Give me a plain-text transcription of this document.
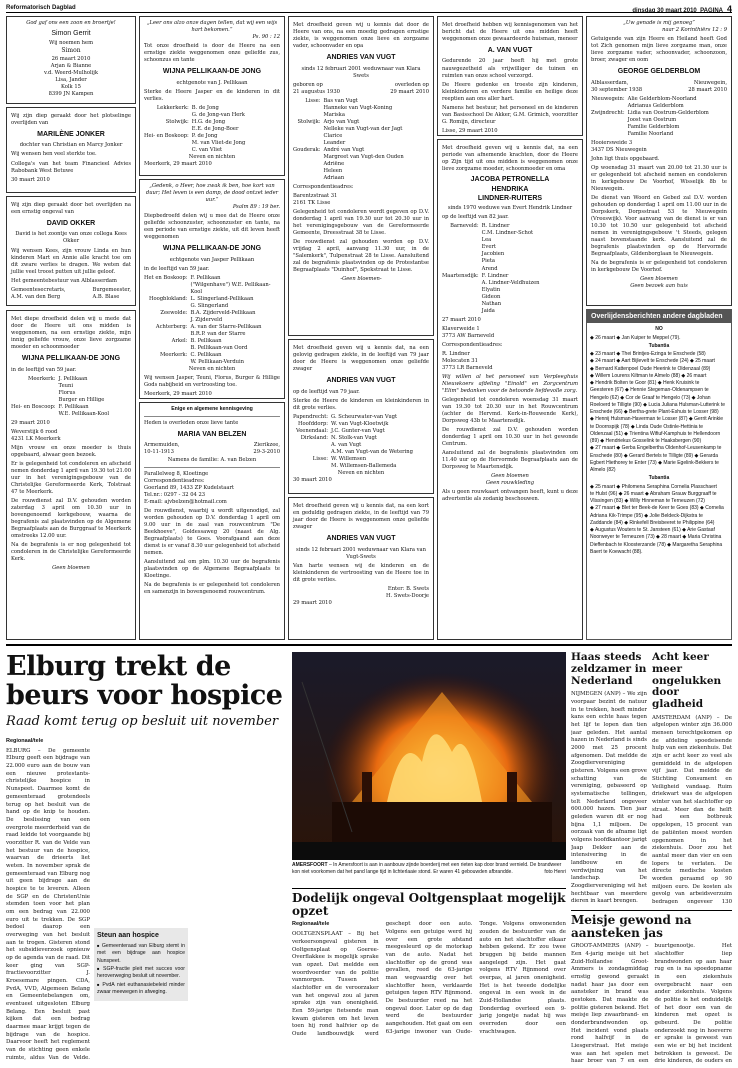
Reformatorisch Dagblad	dinsdag 30 maart 2010 PAGINA 4
God gaf ons een zoon en broertje!
Simon Gerrit
Wij noemen hem
Simon
26 maart 2010
Arjan & Bianne
v.d. Weerd-Mulholijk
Lisa, Jander
Kolk 15
8399 JN Kampen
Wij zijn diep geraakt door het plotselinge overlijden van
MARILÈNE JONKER
dochter van Christian en Marcy Jonker
Wij wensen hen veel sterkte toe.
Collega's van het team Financieel Advies Rabobank West Betuwe
30 maart 2010
Wij zijn diep geraakt door het overlijden na een ernstig ongeval van
DAVID OKKER
David is het zoontje van onze collega Kees Okker
Wij wensen Kees, zijn vrouw Linda en hun kinderen Mart en Annie alle kracht toe om dit zware verlies te dragen. We weten dat jullie veel troost putten uit jullie geloof.
Het gemeentebestuur van Alblasserdam
Gemeentesecretaris,
A.M. van den Berg
Burgemeester,
A.B. Blase
Met diepe droefheid delen wij u mede dat door de Heere uit ons midden is weggenomen, na een ernstige ziekte, mijn innig geliefde vrouw, onze lieve zorgzame moeder en schoonmoeder
WIJNA PELLIKAAN-DE JONG
in de leeftijd van 59 jaar.
Meerkerk: J. Pellikaan
Teuni
Florus
Burger en Hillige
Hei- en Boscoop: F. Pellikaan
W.E. Pellikaan-Kool
29 maart 2010
Weverstijk 6 rood
4231 LK Meerkerk
Mijn vrouw en onze moeder is thuis opgebaard, alwaar geen bezoek.
Er is gelegenheid tot condoleren en afscheid nemen donderdag 1 april van 19.30 tot 21.00 uur in het verenigingsgebouw van de Christelijke Gereformeerde Kerk, Tolstraat 47 te Meerkerk.
De rouwdienst zal D.V. gehouden worden zaterdag 3 april om 10.30 uur in bovengenoemd kerkgebouw, waarna de begrafenis zal plaatsvinden op de Algemene Begraafplaats aan de Burggraaf te Meerkerk omstreeks 12.00 uur.
Na de begrafenis is er nog gelegenheid tot condoleren in de Christelijke Gereformeerde Kerk.
Geen bloemen
„Leer ons alzo onze dagen tellen, dat wij een wijs hart bekomen.”
Ps. 90 : 12
Tot onze droefheid is door de Heere na een ernstige ziekte weggenomen onze geliefde zus, schoonzus en tante
WIJNA PELLIKAAN-DE JONG
echtgenote van J. Pellikaan
Sterke de Heere Jasper en de kinderen in dit verlies.
Lekkerkerk: B. de Jong
G. de Jong-van Herk
Stolwijk: H.G. de Jong
E.E. de Jong-Boer
Hei- en Boskoop: P. de Jong
M. van Vliet-de Jong
C. van Vliet
Neven en nichten
Meerkerk, 29 maart 2010
„Gedenk, o Heer, hoe zwak ik ben, hoe kort van duur; Het leven is een damp, de dood ontzet ieder uur.”
Psalm 89 : 19 ber.
Diepbedroefd delen wij u mee dat de Heere onze geliefde schoonzuster, schoonzuster en tante, na een periode van ernstige ziekte, uit dit leven heeft weggenomen
WIJNA PELLIKAAN-DE JONG
echtgenote van Jasper Pellikaan
in de leeftijd van 59 jaar.
Het en Boskoop: F. Pellikaan
("Wilgenhave") W.E. Pellikaan-Kool
Hoogblokland: L. Slingerland-Pellikaan
G. Slingerland
Zeewolde: B.A. Zijderveld-Pellikaan
J. Zijderveld
Achterberg: A. van der Starre-Pellikaan
B.R.P. van der Starre
Arkel: B. Pellikaan
B. Pellikaan-van Oord
Meerkerk: C. Pellikaan
W. Pellikaan-Verduin
Neven en nichten
Wij wensen Jasper, Teuni, Florus, Burger & Hillige Gods nabijheid en vertroosting toe.
Meerkerk, 29 maart 2010
Enige en algemene kennisgeving
Heden is overleden onze lieve tante
MARIA VAN BELZEN
Armemuiden,
10-11-1913
Zierikzee,
29-3-2010
Namens de familie: A. van Belzen
Parallelweg 8, Kloetinge
Correspondentieadres:
Goerland 89, 1433 ZP Kudelstaart
Tel.nr.: 0297 - 32 04 23
E-mail: ajvbelzen@hotmail.com
De rouwdienst, waarbij u wordt uitgenodigd, zal worden gehouden op D.V. donderdag 1 april om 9.00 uur in de zaal van rouwcentrum "De Beekhoeve", Goldessaweg 20 (naast de Alg. Begraafplaats) te Goes. Voorafgaand aan deze dienst is er vanaf 8.30 uur gelegenheid tot afscheid nemen.
Aansluitend zal om plm. 10.30 uur de begrafenis plaatsvinden op de Algemene Begraafplaats te Kloetinge.
Na de begrafenis is er gelegenheid tot condoleren en samenzijn in bovengenoemd rouwcentrum.
Met droefheid geven wij u kennis dat door de Heere van ons, na een moedig gedragen ernstige ziekte, is weggenomen onze lieve en zorgzame vader, schoonvader en opa
ANDRIES VAN VUGT
sinds 12 februari 2001 weduwnaar van Klara Swets
geboren op
21 augustus 1930
overleden op
29 maart 2010
Lisse: Bas van Vugt
Hanneke van Vugt-Koning
Mariska
Stolwijk: Arjo van Vugt
Nelleke van Vugt-van der Jagt
Clarice
Leander
Gouderak: André van Vugt
Margreet van Vugt-den Ouden
Adriëne
Heleen
Adriaan
Correspondentieadres:
Barentzstraat 31
2161 TK Lisse
Gelegenheid tot condoleren wordt gegeven op D.V. donderdag 1 april van 19.30 uur tot 20.30 uur in het verenigingsgebouw van de Gereformeerde Gemeente, Dreesstraat 38 te Lisse.
De rouwdienst zal gehouden worden op D.V. vrijdag 2 april, aanvang 11.30 uur, in de "Salemkerk", Tulpenstraat 28 te Lisse. Aansluitend zal de begrafenis plaatsvinden op de Protestantse Begraafplaats "Duinhof", Spekstraat te Lisse.
-Geen bloemen-
Met droefheid geven wij u kennis dat, na een gelovig gedragen ziekte, in de leeftijd van 79 jaar door de Heere is weggenomen onze geliefde zwager
ANDRIES VAN VUGT
op de leeftijd van 79 jaar.
Sterke de Heere de kinderen en kleinkinderen in dit grote verlies.
Papendrecht: G. Scheurwater-van Vugt
Hoofddorp: W. van Vugt-Kloetwijk
Veenendaal: J.C. Gunter-van Vugt
Dirksland: N. Stolk-van Vugt
A. van Vugt
A.M. van Vugt-van de Wetering
Lisse: W. Willemsen
M. Willemsen-Ballemeda
Neven en nichten
30 maart 2010
Met droefheid geven wij u kennis dat, na een kort en geduldig gedragen ziekte, in de leeftijd van 79 jaar door de Heere is weggenomen onze geliefde zwager
ANDRIES VAN VUGT
sinds 12 februari 2001 weduwnaar van Klara van Vugt-Swets
Van harte wensen wij de kinderen en de kleinkinderen de vertroosting van de Heere toe in dit grote verlies.
Enter: B. Swets
H. Swets-Doorje
29 maart 2010
Met droefheid hebben wij kennisgenomen van het bericht dat de Heere uit ons midden heeft weggenomen onze gewaardeerde huisman, meneer
A. VAN VUGT
Gedurende 20 jaar heeft hij met grote nauwgezetheid als vrijwilliger de tuinen en ruimten van onze school verzorgd.
De Heere gedenke en troeste zijn kinderen, kleinkinderen en verdere familie en heilige deze reeptien aan ons aller hart.
Namens het bestuur, het personeel en de kinderen van Basisschool De Akker, G.M. Grimich, voorzitter G. Romijn, directeur
Lisse, 29 maart 2010
Met droefheid geven wij u kennis dat, na een periode van afnemende krachten, door de Heere op Zijn tijd uit ons midden is weggenomen onze lieve zorgzame moeder, schoonmoeder en oma
JACOBA PETRONELLA
HENDRIKA
LINDNER-RUITERS
sinds 1970 weduwe van Evert Hendrik Lindner
op de leeftijd van 82 jaar.
Barneveld: R. Lindner
C.M. Lindner-Schot
Lea
Evert
Jacobien
Pieta
Arend
Maartensdijk: F. Lindner
A. Lindner-Veldhuizen
Elyatin
Gideon
Nathan
Jaida
27 maart 2010
Klaverweide 1
3773 AW Barneveld
Correspondentieadres:
R. Lindner
Molecaten 31
3773 LR Barneveld
Wij willen al het personeel van Verpleeghuis Nieuwkoers afdeling "Einold" en Zorgcentrum "Elim" bedanken voor de betoonde liefdevolle zorg.
Gelegenheid tot condoleren woensdag 31 maart van 19.30 tot 20.30 uur in het Rouwcentrum (achter de Hervmd. Kerk-in-Rouwende Kerk), Dorpsweg 43b te Maartensdijk.
De rouwdienst zal D.V. gehouden worden donderdag 1 april om 10.30 uur in het gewonde Centrum.
Aansluitend zal de begrafenis plaatsvinden om 11.40 uur op de Hervormde Begraafplaats aan de Dorpsweg te Maartensdijk.
Geen bloemen
Geen rouwkleding
Als u geen rouwkaart ontvangen heeft, kunt u deze advertentie als zodanig beschouwen.
„Uw genade is mij genoeg”
naar 2 Korinthiërs 12 : 9
Getuigende van zijn Heere en Heiland heeft God tot Zich genomen mijn lieve zorgzame man, onze lieve zorgzame vader, schoonvader, schoonzoon, broer, zwager en oom
GEORGE GELDERBLOM
Alblasserdam,
30 september 1938
Nieuwegein,
28 maart 2010
Nieuwegein: Alie Gelderblom-Noorland
Adrianus Gelderblom
Zwijndrecht: Lidia van Oostrum-Gelderblom
Joost van Oostrum
Familie Gelderblom
Familie Noorland
Hooiersweide 3
3437 DS Nieuwegein
John ligt thuis opgebaard.
Op woensdag 31 maart van 20.00 tot 21.30 uur is er gelegenheid tot afscheid nemen en condoleren in kerkgebouw De Voorhof, Wisselijk 8b te Nieuwegein.
De dienst van Woord en Gebed zal D.V. worden gehouden op donderdag 1 april om 11.00 uur in de Dorpskerk, Dorpsstraat 53 te Nieuwegein (Vreeswijk). Voor aanvang van de dienst is er van 10.30 tot 10.50 uur gelegenheid tot afscheid nemen in verenigingsgebouw 't Steeds, gelegen naast bovenstaande kerk. Aansluitend zal de begrafenis plaatsvinden op de Hervormde Begraafplaats, Gildenborglaan te Nieuwegein.
Na de begrafenis is er gelegenheid tot condoleren in kerkgebouw De Voorhof.
Geen bloemen
Geen bezoek aan huis
Overlijdensberichten andere dagbladen
NO
◆ 26 maart ◆ Jan Kuiper te Meppel (79).
Tubantia
◆ 23 maart ◆ Thei Brintjes-Ezinga te Enschede (58)
◆ 24 maart ◆ Aart Bijlevelt te Enschede (24) ◆ 25 maart
◆ Bernard Kattenpoel Oude Heerink te Oldenzaal (89)
◆ Willem Lourens Kiltman te Almelo (88) ◆ 26 maart
◆ Hendrik Bolten te Goor (81) ◆ Henk Kruisink te
Geesteren (67) ◆ Hennie Stegeman-Oldenampsen te
Hengelo (62) ◆ Cor de Graaf te Hengelo (73) ◆ Johan
Roeloerd te Tilligte (90) ◆ Lucia Juliana Hulsman-Lutterink te
Enschede (66) ◆ Bertha-grete Plant-Eshuis te Losser (98)
◆ Hennij Hulsman-Haverman te Losser (87) ◆ Gerrit Arinkie
te Doornspijk (78) ◆ Linda Oude Ostinle-Hettinia te
Oldenzaal (51) ◆ Trientina Wifiuf-Kamphuis te Hellendoorn
(89) ◆ Hendriekus Gosselink te Haaksbergen (90)
◆ 27 maart ◆ Gerba Engelbertha Oldenhof-Leusenkamp te
Enschede (80) ◆ Gerard Bertels te Tilligte (89) ◆ Gerarda
Egbert Hiethorey te Enter (73) ◆ Marie Egelink-Bekkers te
Almelo (82)
Tubantia
◆ 25 maart ◆ Philomena Seraphina Cornelia Plasschaert
te Hulst (96) ◆ 26 maart ◆ Abraham Grauw Burggraaff te
Vlissingen (83) ◆ Willy Hinneman te Terneuzen (72)
◆ 27 maart ◆ Blet ter Beek-de Keer te Goes (83) ◆ Cornelia
Adriana Kik-Trimpe (95) ◆ Jolie Beldeck-Dijkstra te
Zaddande (84) ◆ Rinkefell Breisbeeret te Philippine (64)
◆ Augustus Wouters te St. Jansteen (61) ◆ Arie Gastaaf
Noorweyer te Terneuzen (73) ◆ 28 maart ◆ Maria Christina
Dieffenbach te Kloosterzande (78) ◆ Margaretha Seraphina
Baert te Koewacht (88).
Elburg trekt de beurs voor hospice
Raad komt terug op besluit uit november
Regionaal/tele
ELBURG – De gemeente Elburg geeft een bijdrage van 22.000 euro aan de bouw van een nieuwe protestants-christelijke hospice in Nunspeet. Daarmee komt de gemeenteraad grotendeels terug op het besluit van de hand op de knip te houden. De beslissing van een overgrote meerderheid van de raad leidde tot voorgaande bij voorzitter R. van de Velde van het bestuur van de hospice, waarvan de drieerts liet weten. In november sprak de gemeenteraad van Elburg nog uit geen bijdrage aan de hospice te te leveren. Alleen de SGP en de ChristenUnie stemden toen voor het plan om een bedrag van 22.000 euro uit te trekken. De SGP bedoel daarop een overweging van het besluit aan te trogen. Gisteren stond het subsidieverzoek opnieuw op de agenda van de raad. Dit keer ging van SGP-fractievoorzitter J. Kroesemare pingen. CDA, PvdA, VVD, Algemeen Belang en Gemeentebelangen om, eventueel uitgesloten Elburg Belang. Een besluit past kijken dat een bedrag daarmee maar krijgt tegen de bijdrage van de hospice. Daarvoor heeft het reglement van de stichting geen enkele ruimte, aldus Van de Velde.
Steun aan hospice
■ Gemeenteraad van Elburg stemt in met een bijdrage aan hospice Nunspeet.
■ SGP-fractie pleit met succes voor heroverweging besluit uit november.
■ PvdA niet euthanasiebeleid minder zwaar meewegen in afweging.
AMERSFOORT – In Amersfoort is aan in aanbouw zijnde boerderij met een rieten kap door brand vernield. De brandweer kon niet voorkomen dat het pand lange tijd in lichterlaaie stond. Er waren 41 gebouwden afbrandde.	foto Henri
Haas steeds zeldzamer in Nederland
NIJMEGEN (ANP) – We zijn voorpaar bezint de natuur in te trekken, hoeft minder kans een echte haas tegen het lijf te lopen dan tien jaar geleden. Het aantal hazen in Nederland is sinds 2000 met 25 procent afgenomen. Dat meldde de Zoogdiervereniging gisteren. Volgens een grove schatting van de vereniging, gebaseerd op systematische tellingen, telt Nederland ongeveer 600.000 hazen. Tien jaar geleden waren dit er nog bijna 1,1 miljoen. De oorzaak van de afname ligt volgens hoofdkantoor jarigt Jaap Dekker aan de intensivering in de landbouw en de verdwijning van het landschap. De Zoogdiervereniging wil het hechtbaar van meerdere dieren in kaart brengen.
Acht keer meer ongelukken door gladheid
AMSTERDAM (ANP) – De afgelopen winter zijn 36.000 mensen terechtgekomen op de afdeling spoedeisende hulp van een ziekenhuis. Dat zijn er acht keer zo veel als gemiddeld in de afgelopen vijf jaar. Dat meldde de Stichting Consument en Veiligheid vandaag. Ruim driekwart was de afgelopen winter van het slachtoffer op straat. Meer dan de helft had een botbreuk opgelopen, 15 procent van de patiënten moest worden opgenomen in het ziekenhuis. Door zou het aantal meer dan vier en een lopers te verlaten. De directe medische kosten worden geraamd op 90 miljoen euro. De kosten als gevolg van arbeidsverzuim bedragen ongeveer 130
Dodelijk ongeval Ooltgensplaat mogelijk opzet
Regionaal/tele
OOLTGENSPLAAT – Bij het verkeersongeval gisteren in Ooltgensplaat op Goeree-Overflakkee is mogelijk sprake van opzet. Dat meldde een woordvoerder van de politie vanmorgen. Tussen het slachtoffer en de veroorzaker van het ongeval zou al jaren sprake zijn van onenigheid. Een 59-jarige fietsende man kwam gisteren om het leven toen hij rond halfvier op de Oude landbouwdijk werd geschept door een auto. Volgens een getuige werd hij over een grote afstand meegesleurd op de motorkap van de auto. Nadat het slachtoffer op de grond was gevallen, reed de 63-jarige man wegvaardig over het slachtoffer heen, verklaarde getuigen tegen RTV Rijnmond. De bestuurder reed na het ongeval door. Later op de dag werd de bestuurder aangehouden. Het gaat om een 63-jarige inwoner van Oude-Tonge. Volgens omwonenden zouden de bestuurder van de auto en het slachtoffer elkaar hebben gekend. Er zou twee bruggen bij beide mannen aangelegd zijn. Het gaat volgens RTV Rijnmond over overpas, al jaren onenigheid. Het is het tweede dodelijke ongeval in een week in de Zuid-Hollandse plaats. Donderdag overleed een 9-jarig jongetje nadat hij was overreden door een vrachtwagen.
Meisje gewond na aansteken jas
GROOT-AMMERS (ANP) – Een 4-jarig meisje uit het Zuid-Hollandse Groot-Ammers is zondagmiddag ernstig gewond geraakt nadat haar jas door een aansteker in brand was gestoken. Dat maakte de politie gisteren bekend. Het meisje liep zwaarbrand- en donderbrandwonden op. Het incident vond plaats rond halfvijf in de Liesgerstraat. Het meisje was aan het spelen met haar broer van 7 en een buurtgenootje. Het slachtoffer liep brandwonden op aan haar rug en is na spoedopname in een ziekenhuis overgebracht naar een ander ziekenhuis. Volgens de politie is het onduidelijk of het door een van de kinderen met opzet is gebeurd. De politie onderzoekt nog in hoeverre er sprake is geweest van een wie er bij het incident betrokken is geweest. De drie kinderen, de ouders en
